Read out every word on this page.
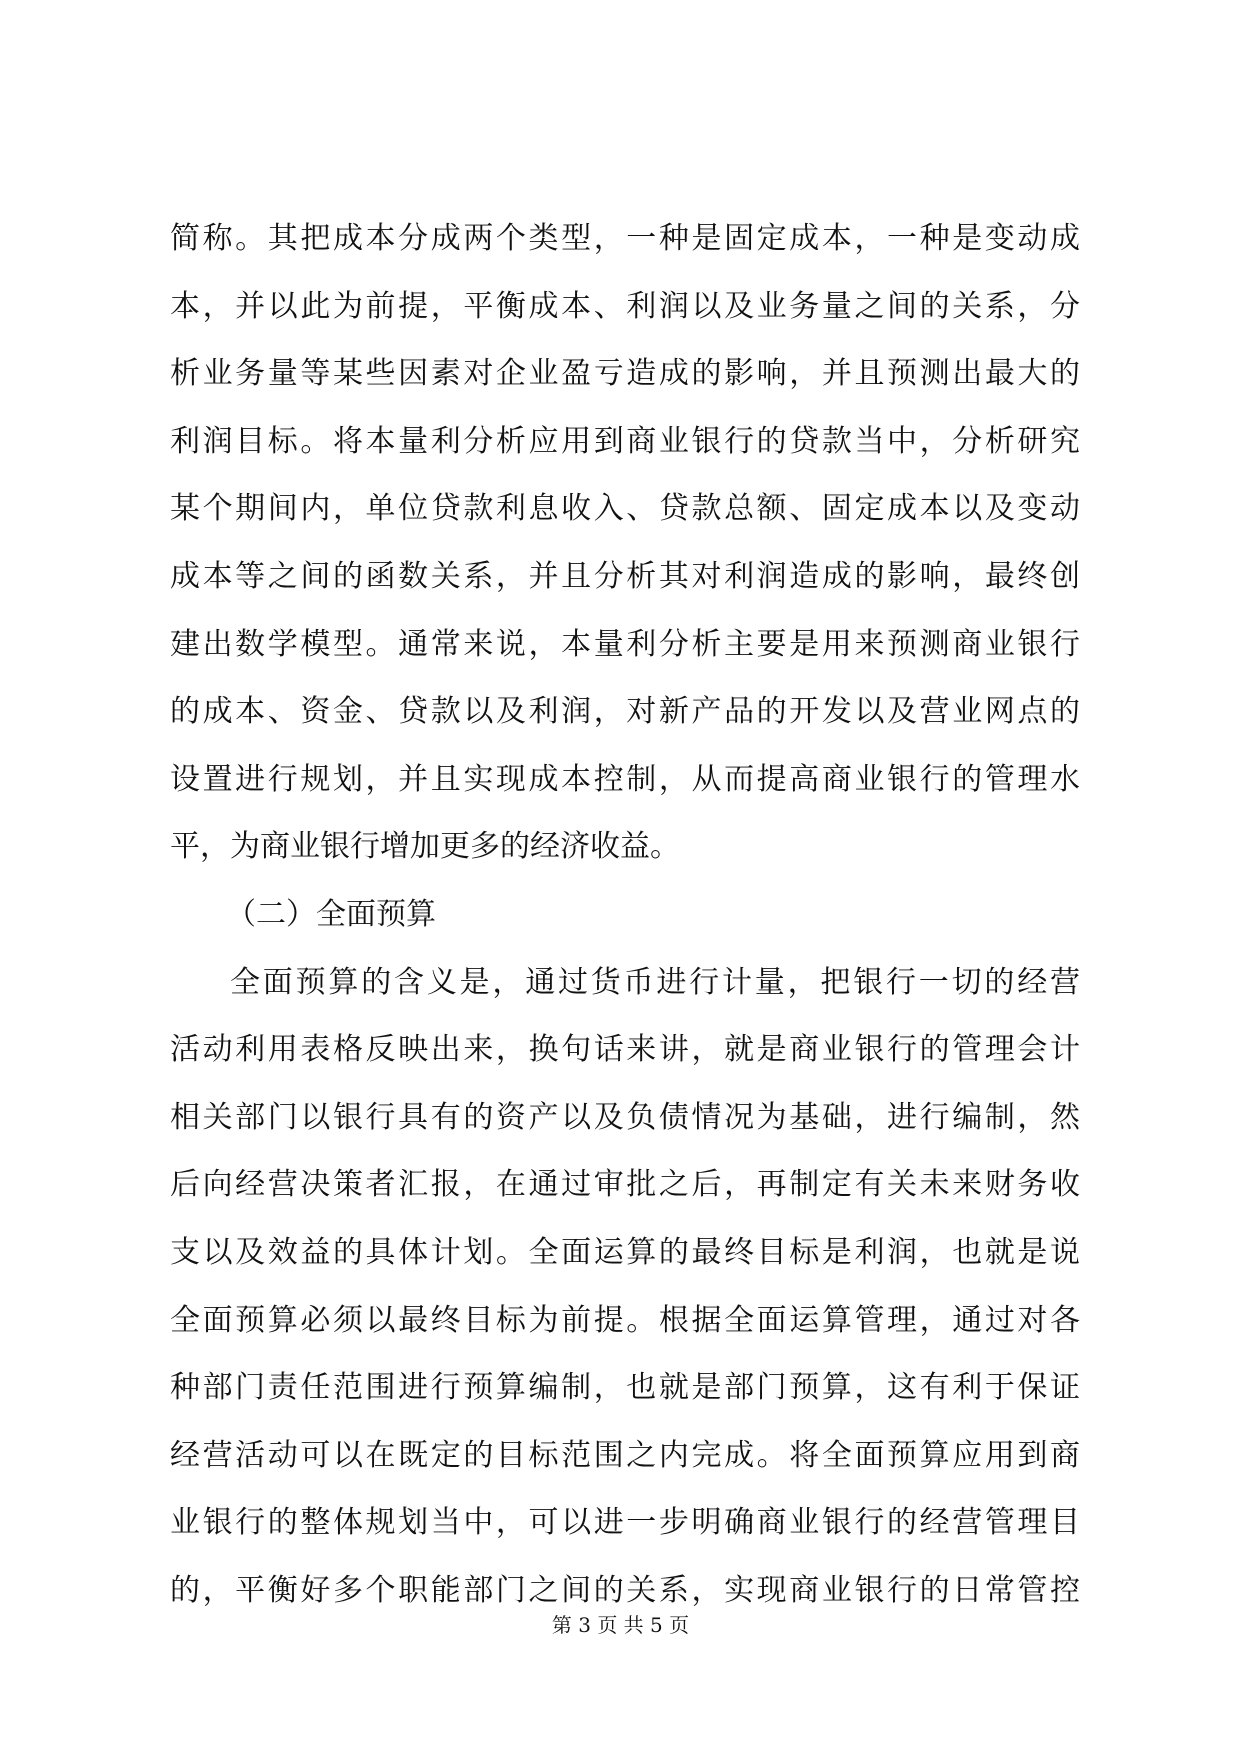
简称。其把成本分成两个类型，一种是固定成本，一种是变动成
本，并以此为前提，平衡成本、利润以及业务量之间的关系，分
析业务量等某些因素对企业盈亏造成的影响，并且预测出最大的
利润目标。将本量利分析应用到商业银行的贷款当中，分析研究
某个期间内，单位贷款利息收入、贷款总额、固定成本以及变动
成本等之间的函数关系，并且分析其对利润造成的影响，最终创
建出数学模型。通常来说，本量利分析主要是用来预测商业银行
的成本、资金、贷款以及利润，对新产品的开发以及营业网点的
设置进行规划，并且实现成本控制，从而提高商业银行的管理水
平，为商业银行增加更多的经济收益。
（二）全面预算
全面预算的含义是，通过货币进行计量，把银行一切的经营
活动利用表格反映出来，换句话来讲，就是商业银行的管理会计
相关部门以银行具有的资产以及负债情况为基础，进行编制，然
后向经营决策者汇报，在通过审批之后，再制定有关未来财务收
支以及效益的具体计划。全面运算的最终目标是利润，也就是说
全面预算必须以最终目标为前提。根据全面运算管理，通过对各
种部门责任范围进行预算编制，也就是部门预算，这有利于保证
经营活动可以在既定的目标范围之内完成。将全面预算应用到商
业银行的整体规划当中，可以进一步明确商业银行的经营管理目
的，平衡好多个职能部门之间的关系，实现商业银行的日常管控
第 3 页 共 5 页
